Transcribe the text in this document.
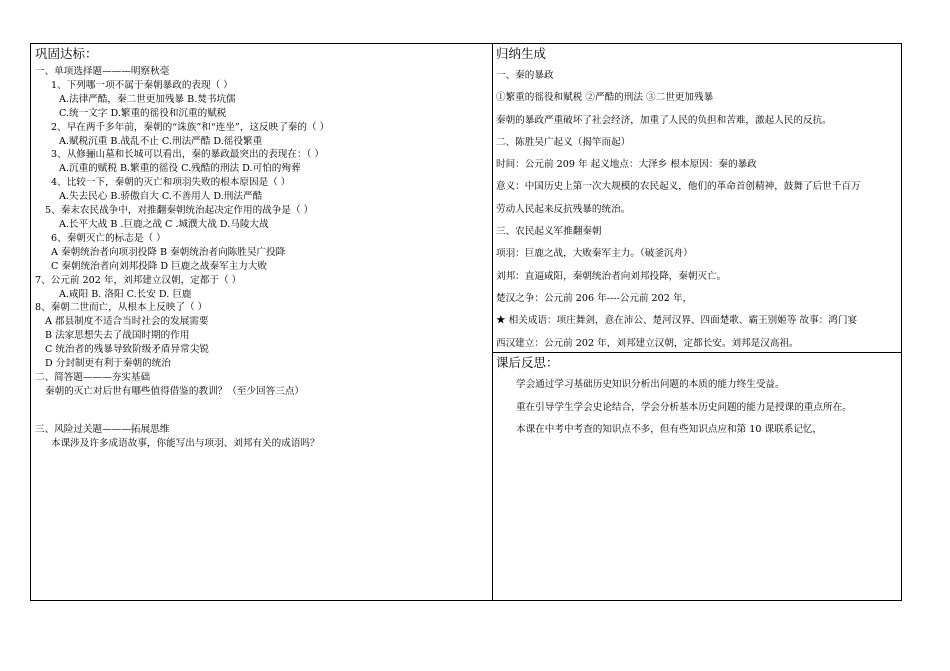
巩固达标：
一、单项选择题———明察秋毫
1、下列哪一项不属于秦朝暴政的表现（ ）
A.法律严酷，秦二世更加残暴 B.焚书坑儒
C.统一文字 D.繁重的徭役和沉重的赋税
2、早在两千多年前，秦朝的“诛族”和“连坐”，这反映了秦的（ ）
A.赋税沉重 B.战乱不止 C.刑法严酷 D.徭役繁重
3、从修骊山墓和长城可以看出，秦的暴政最突出的表现在：（ ）
A.沉重的赋税 B.繁重的徭役 C.残酷的刑法 D.可怕的殉葬
4、比较一下，秦朝的灭亡和项羽失败的根本原因是（ ）
A.失去民心 B.骄傲自大 C.不善用人 D.刑法严酷
5、秦末农民战争中，对推翻秦朝统治起决定作用的战争是（ ）
A.长平大战 B .巨鹿之战 C .城濮大战 D.马陵大战
6、秦朝灭亡的标志是（ ）
A 秦朝统治者向项羽投降 B 秦朝统治者向陈胜吴广投降
C 秦朝统治者向刘邦投降 D 巨鹿之战秦军主力大败
7、公元前 202 年，刘邦建立汉朝，定都于（ ）
A.咸阳 B. 洛阳 C.长安 D. 巨鹿
8、秦朝二世而亡，从根本上反映了（ ）
A 郡县制度不适合当时社会的发展需要
B 法家思想失去了战国时期的作用
C 统治者的残暴导致阶级矛盾异常尖锐
D 分封制更有利于秦朝的统治
二、简答题———夯实基础
秦朝的灭亡对后世有哪些值得借鉴的教训？（至少回答三点）
三、风险过关题———拓展思维
本课涉及许多成语故事，你能写出与项羽、刘邦有关的成语吗？
归纳生成
一、秦的暴政
①繁重的徭役和赋税 ②严酷的刑法 ③二世更加残暴
秦朝的暴政严重破坏了社会经济，加重了人民的负担和苦难，激起人民的反抗。
二、陈胜吴广起义（揭竿而起）
时间：公元前 209 年 起义地点：大泽乡 根本原因：秦的暴政
意义：中国历史上第一次大规模的农民起义，他们的革命首创精神，鼓舞了后世千百万
劳动人民起来反抗残暴的统治。
三、农民起义军推翻秦朝
项羽：巨鹿之战，大败秦军主力。（破釜沉舟）
刘邦：直逼咸阳，秦朝统治者向刘邦投降，秦朝灭亡。
楚汉之争：公元前 206 年----公元前 202 年，
★ 相关成语：项庄舞剑，意在沛公、楚河汉界、四面楚歌、霸王别姬等 故事：鸿门宴
西汉建立：公元前 202 年，刘邦建立汉朝，定都长安。刘邦是汉高祖。
课后反思：
学会通过学习基础历史知识分析出问题的本质的能力终生受益。
重在引导学生学会史论结合，学会分析基本历史问题的能力是授课的重点所在。
本课在中考中考查的知识点不多，但有些知识点应和第 10 课联系记忆，
